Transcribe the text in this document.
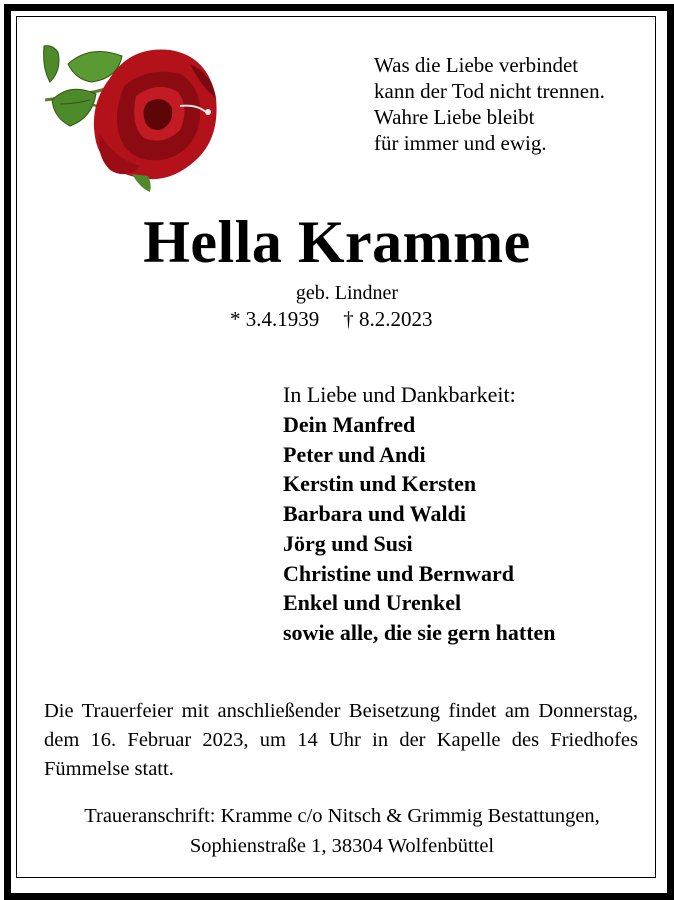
Was die Liebe verbindet
kann der Tod nicht trennen.
Wahre Liebe bleibt
für immer und ewig.
Hella Kramme
geb. Lindner
* 3.4.1939 † 8.2.2023
In Liebe und Dankbarkeit:
Dein Manfred
Peter und Andi
Kerstin und Kersten
Barbara und Waldi
Jörg und Susi
Christine und Bernward
Enkel und Urenkel
sowie alle, die sie gern hatten
Die Trauerfeier mit anschließender Beisetzung findet am Donnerstag, dem 16. Februar 2023, um 14 Uhr in der Kapelle des Friedhofes Fümmelse statt.
Traueranschrift: Kramme c/o Nitsch & Grimmig Bestattungen,
Sophienstraße 1, 38304 Wolfenbüttel
